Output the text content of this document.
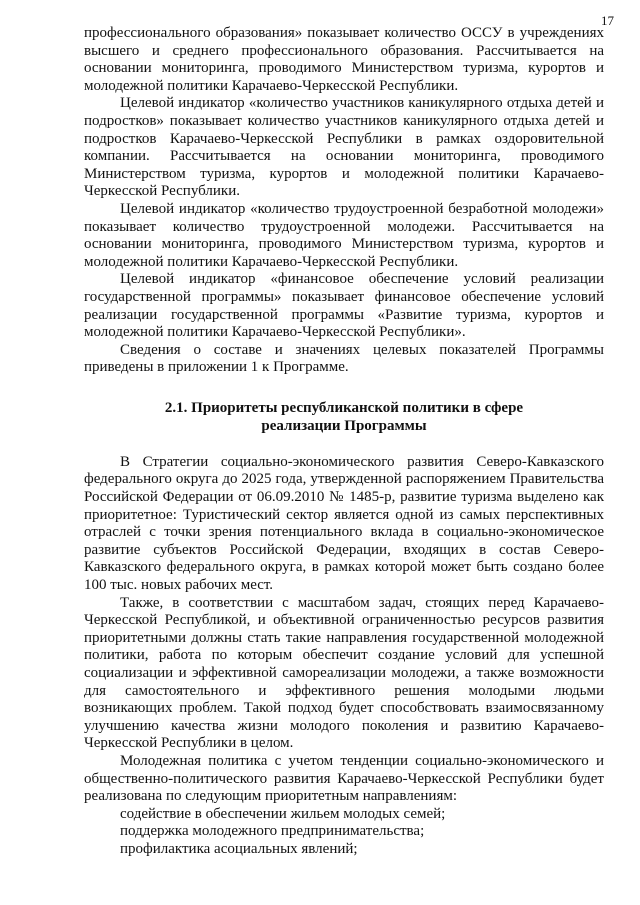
17

профессионального образования» показывает количество ОССУ в учреждениях высшего и среднего профессионального образования. Рассчитывается на основании мониторинга, проводимого Министерством туризма, курортов и молодежной политики Карачаево-Черкесской Республики.

Целевой индикатор «количество участников каникулярного отдыха детей и подростков» показывает количество участников каникулярного отдыха детей и подростков Карачаево-Черкесской Республики в рамках оздоровительной компании. Рассчитывается на основании мониторинга, проводимого Министерством туризма, курортов и молодежной политики Карачаево-Черкесской Республики.

Целевой индикатор «количество трудоустроенной безработной молодежи» показывает количество трудоустроенной молодежи. Рассчитывается на основании мониторинга, проводимого Министерством туризма, курортов и молодежной политики Карачаево-Черкесской Республики.

Целевой индикатор «финансовое обеспечение условий реализации государственной программы» показывает финансовое обеспечение условий реализации государственной программы «Развитие туризма, курортов и молодежной политики Карачаево-Черкесской Республики».

Сведения о составе и значениях целевых показателей Программы приведены в приложении 1 к Программе.

2.1. Приоритеты республиканской политики в сфере
реализации Программы

В Стратегии социально-экономического развития Северо-Кавказского федерального округа до 2025 года, утвержденной распоряжением Правительства Российской Федерации от 06.09.2010 № 1485-р, развитие туризма выделено как приоритетное: Туристический сектор является одной из самых перспективных отраслей с точки зрения потенциального вклада в социально-экономическое развитие субъектов Российской Федерации, входящих в состав Северо-Кавказского федерального округа, в рамках которой может быть создано более 100 тыс. новых рабочих мест.

Также, в соответствии с масштабом задач, стоящих перед Карачаево-Черкесской Республикой, и объективной ограниченностью ресурсов развития приоритетными должны стать такие направления государственной молодежной политики, работа по которым обеспечит создание условий для успешной социализации и эффективной самореализации молодежи, а также возможности для самостоятельного и эффективного решения молодыми людьми возникающих проблем. Такой подход будет способствовать взаимосвязанному улучшению качества жизни молодого поколения и развитию Карачаево-Черкесской Республики в целом.

Молодежная политика с учетом тенденции социально-экономического и общественно-политического развития Карачаево-Черкесской Республики будет реализована по следующим приоритетным направлениям:

содействие в обеспечении жильем молодых семей;

поддержка молодежного предпринимательства;

профилактика асоциальных явлений;
